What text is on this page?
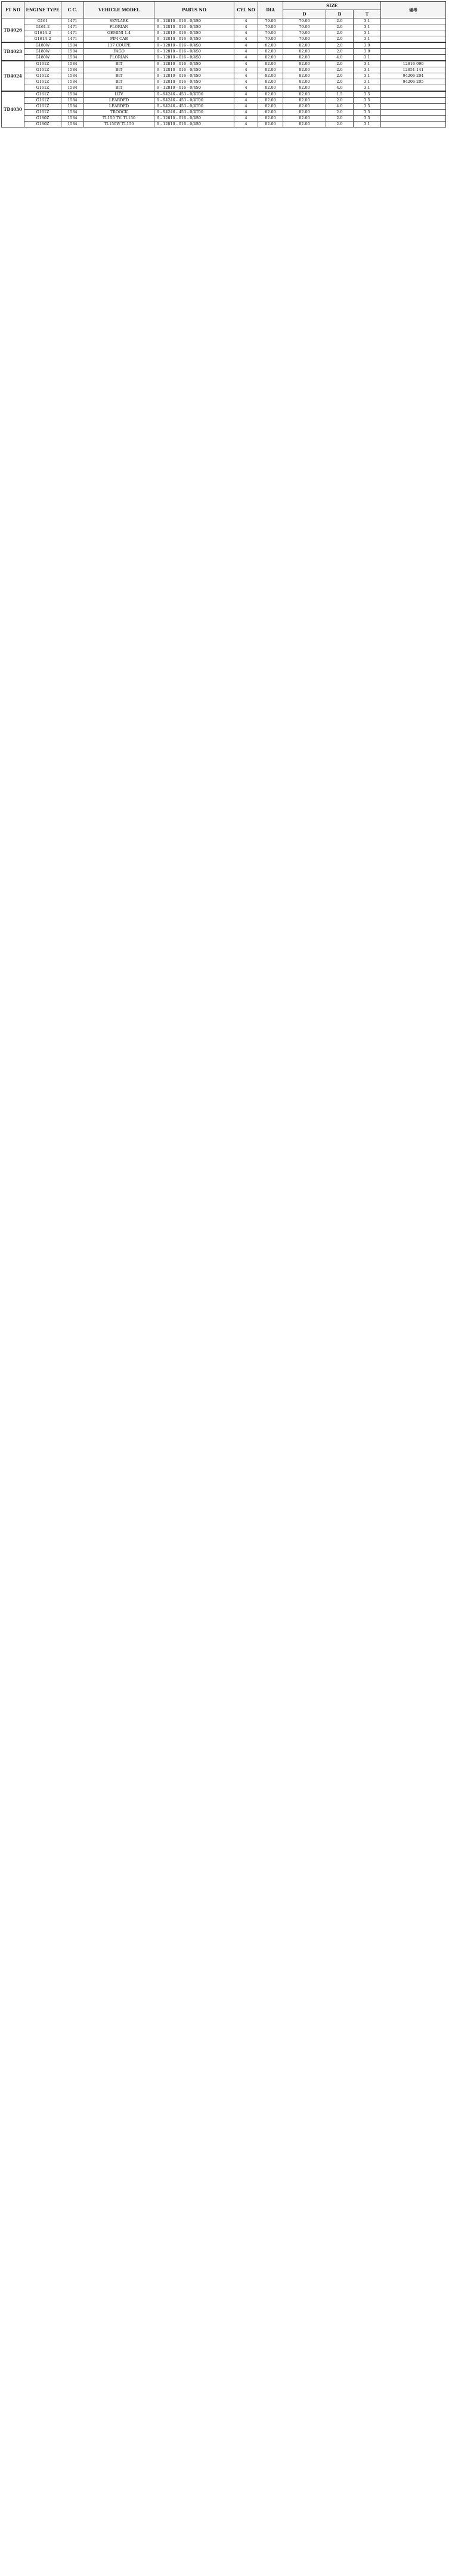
FT NO	ENGINE TYPE	C.C.	VEHICLE MODEL	PARTS NO	CYL NO	DIA	SIZE			備考
							D	B	T	
TD4026	G161	1471	SKYLARK	9 - 12810 - 016 - 0/4S0	4	79.00	79.00	2.0	3.1	
	G161-2	1471	FLORIAN	9 - 12810 - 016 - 0/4S0	4	79.00	79.00	2.0	3.1	
	G161A-2	1471	GEMINI 1.4	9 - 12810 - 016 - 0/4S0	4	79.00	79.00	2.0	3.1	
	G161A-2	1471	PIM CAB	9 - 12810 - 016 - 0/4S0	4	79.00	79.00	2.0	3.1	
TD4023	G180W	1584	117 COUPE	9 - 12810 - 016 - 0/4S0	4	82.00	82.00	2.0	3.9	
	G180W	1584	FAGO	9 - 12810 - 016 - 0/4S0	4	82.00	82.00	2.0	3.9	
	G180W	1584	FLORIAN	9 - 12810 - 016 - 0/4S0	4	82.00	82.00	4.0	3.1	
TD4024	G161Z	1584	BIT	9 - 12810 - 016 - 0/4S0	4	82.00	82.00	2.0	3.1	12816-090
	G161Z	1584	BIT	9 - 12810 - 016 - 0/4S0	4	82.00	82.00	2.0	3.1	12851-141
	G161Z	1584	BIT	9 - 12810 - 016 - 0/4S0	4	82.00	82.00	2.0	3.1	94206-204
	G161Z	1584	BIT	9 - 12810 - 016 - 0/4S0	4	82.00	82.00	2.0	3.1	94206-205
	G161Z	1584	BIT	9 - 12810 - 016 - 0/4S0	4	82.00	82.00	4.0	3.1	
TD4030	G161Z	1584	LUV	9 - 94246 - 453 - 0/4T00	4	82.00	82.00	1.5	3.5	
	G161Z	1584	LEARDED	9 - 94246 - 453 - 0/4T00	4	82.00	82.00	2.0	3.5	
	G161Z	1584	LEARDED	9 - 94246 - 453 - 0/4T00	4	82.00	82.00	4.0	3.5	
	G161Z	1584	TROOCK	9 - 94246 - 453 - 0/4T00	4	82.00	82.00	2.0	3.5	
	G180Z	1584	TL150 TV. TL150	9 - 12810 - 016 - 0/4S0	4	82.00	82.00	2.0	3.5	
	G180Z	1584	TL150W TL150	9 - 12810 - 016 - 0/4S0	4	82.00	82.00	2.0	3.1	
